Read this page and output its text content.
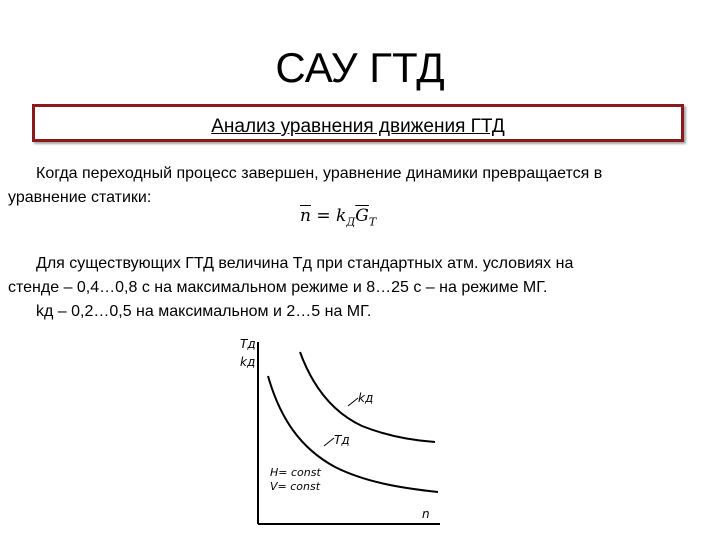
САУ ГТД
Анализ уравнения движения ГТД

Когда переходный процесс завершен, уравнение динамики превращается в
уравнение статики:

$\overline{n} = k_Д\overline{G}_T$

Для существующих ГТД величина Тд при стандартных атм. условиях на
стенде – 0,4…0,8 с на максимальном режиме и 8…25 с – на режиме МГ.
kд – 0,2…0,5 на максимальном и 2…5 на МГ.

Tд
kд
n
kд
Tд
H= const
V= const
